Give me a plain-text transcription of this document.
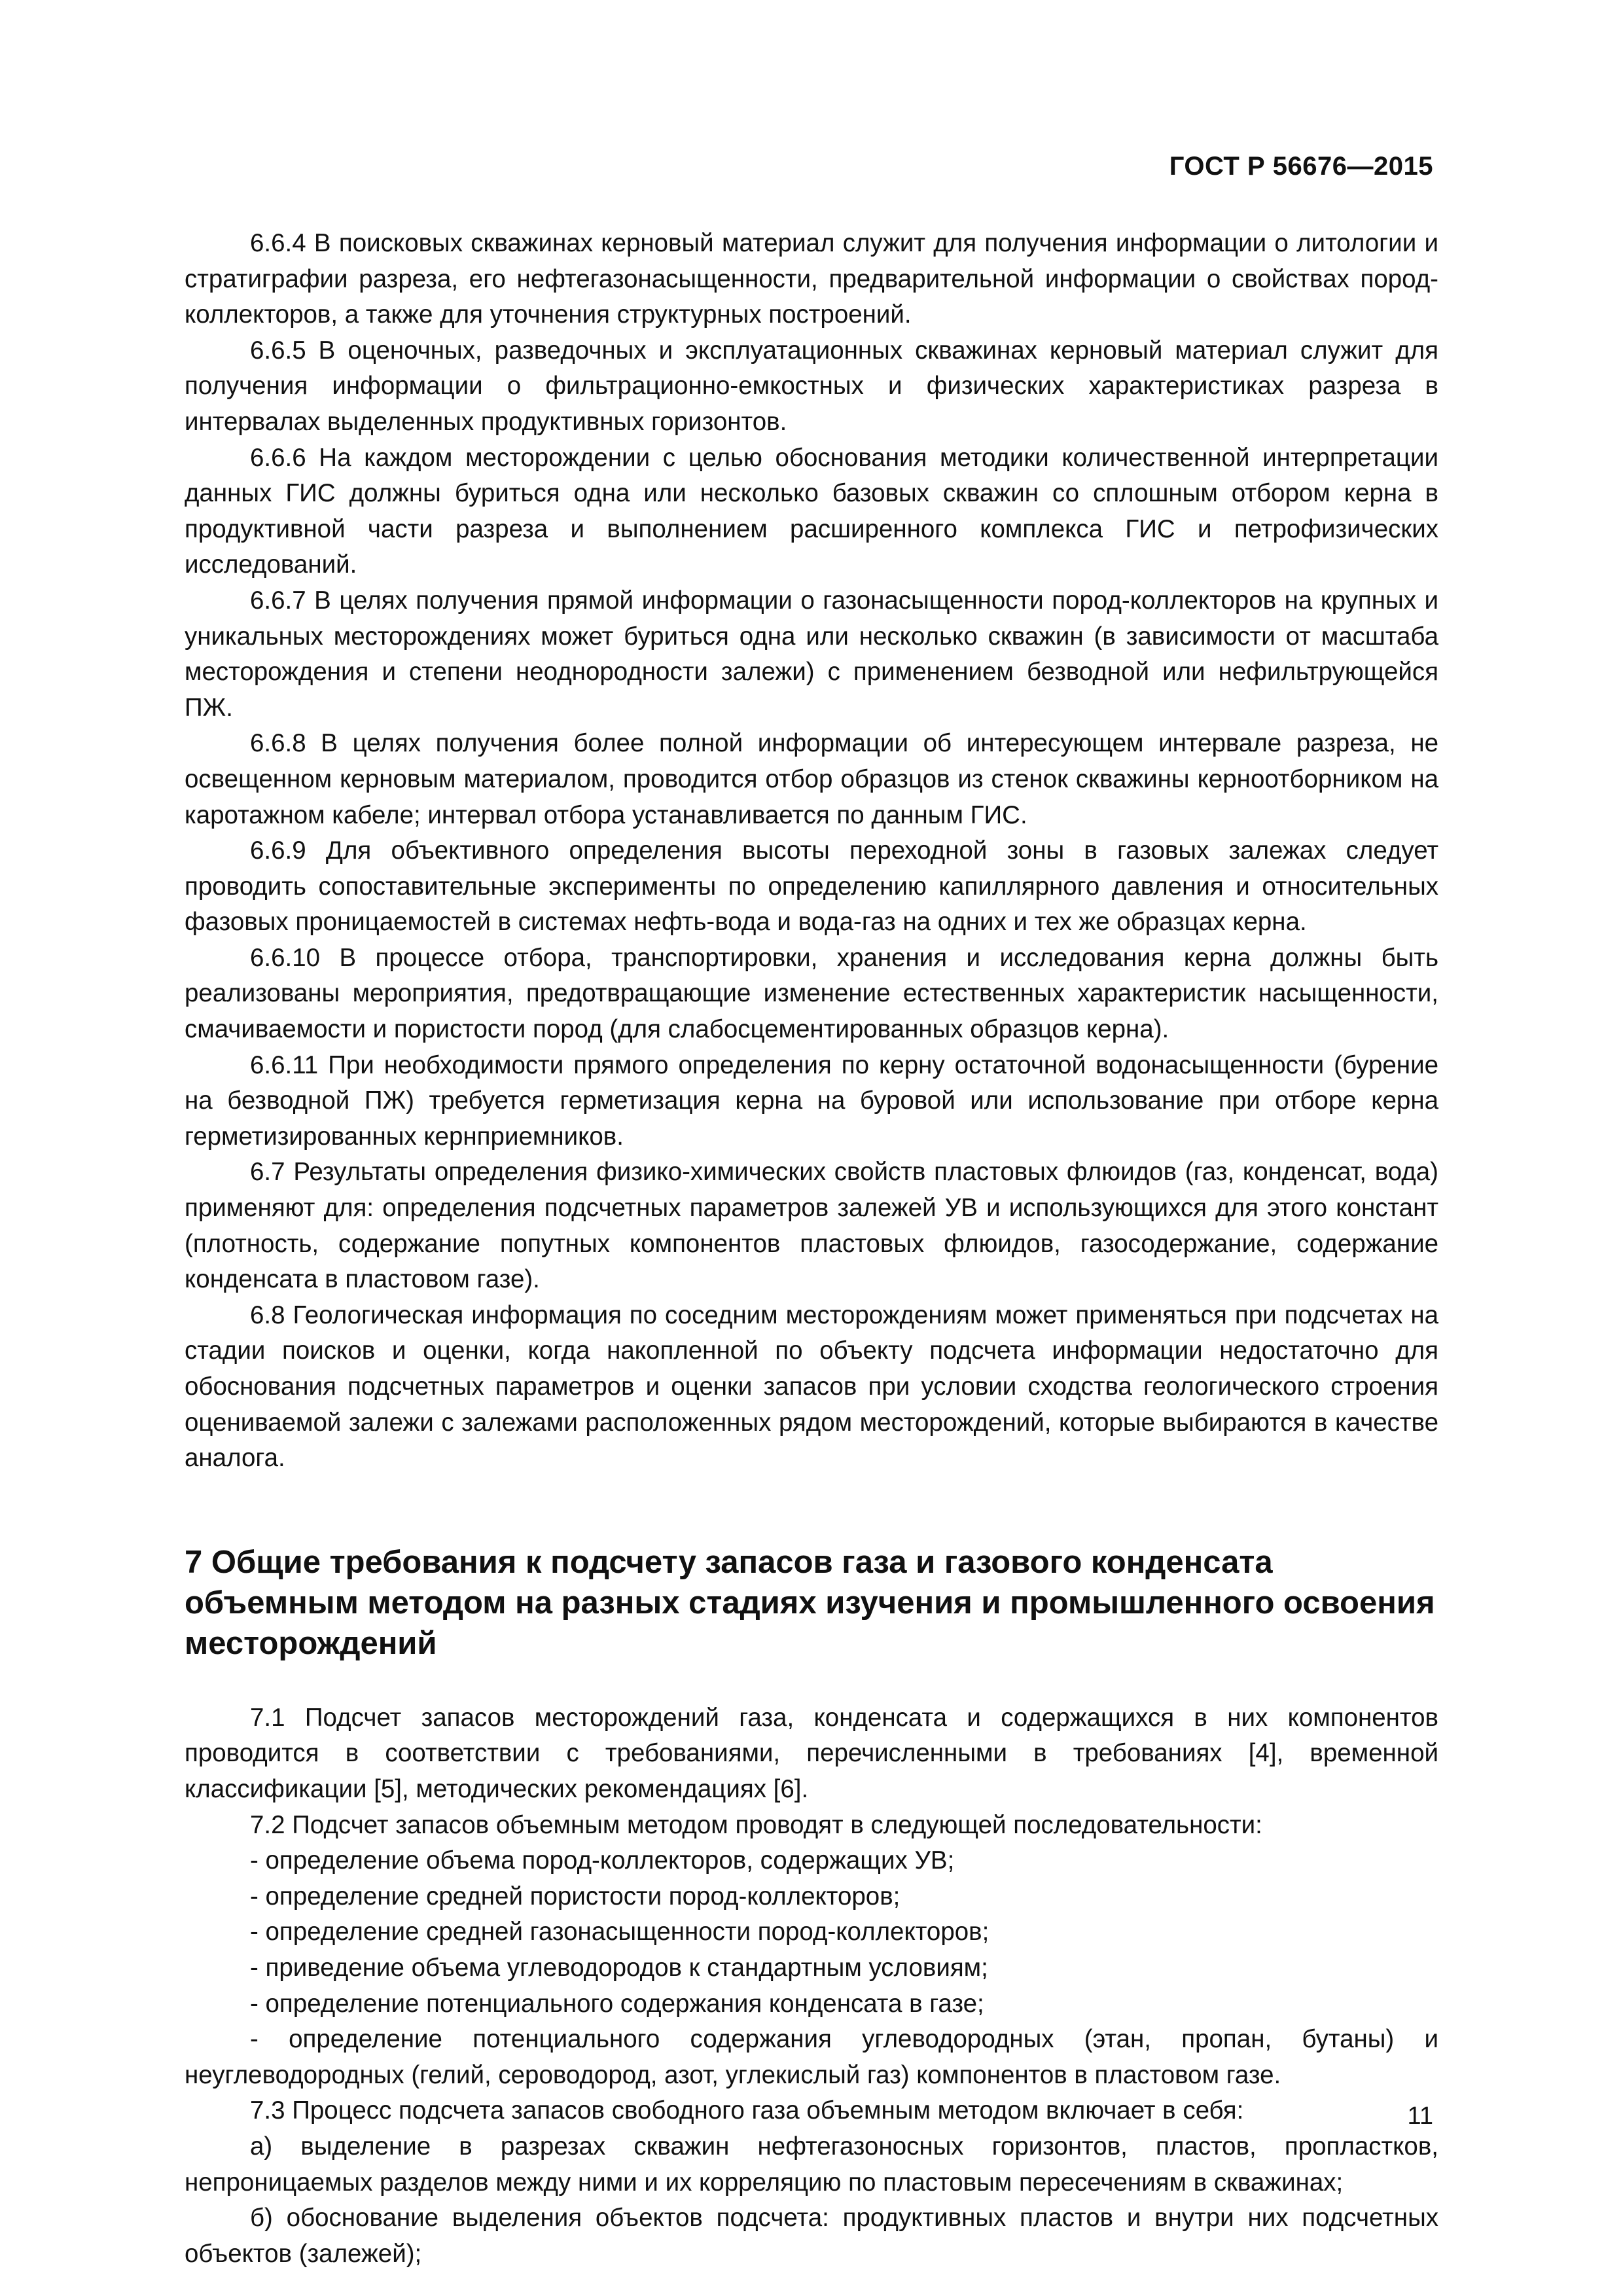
ГОСТ Р 56676—2015

6.6.4 В поисковых скважинах керновый материал служит для получения информации о литологии и стратиграфии разреза, его нефтегазонасыщенности, предварительной информации о свойствах пород-коллекторов, а также для уточнения структурных построений.

6.6.5 В оценочных, разведочных и эксплуатационных скважинах керновый материал служит для получения информации о фильтрационно-емкостных и физических характеристиках разреза в интервалах выделенных продуктивных горизонтов.

6.6.6 На каждом месторождении с целью обоснования методики количественной интерпретации данных ГИС должны буриться одна или несколько базовых скважин со сплошным отбором керна в продуктивной части разреза и выполнением расширенного комплекса ГИС и петрофизических исследований.

6.6.7 В целях получения прямой информации о газонасыщенности пород-коллекторов на крупных и уникальных месторождениях может буриться одна или несколько скважин (в зависимости от масштаба месторождения и степени неоднородности залежи) с применением безводной или нефильтрующейся ПЖ.

6.6.8 В целях получения более полной информации об интересующем интервале разреза, не освещенном керновым материалом, проводится отбор образцов из стенок скважины керноотборником на каротажном кабеле; интервал отбора устанавливается по данным ГИС.

6.6.9 Для объективного определения высоты переходной зоны в газовых залежах следует проводить сопоставительные эксперименты по определению капиллярного давления и относительных фазовых проницаемостей в системах нефть-вода и вода-газ на одних и тех же образцах керна.

6.6.10 В процессе отбора, транспортировки, хранения и исследования керна должны быть реализованы мероприятия, предотвращающие изменение естественных характеристик насыщенности, смачиваемости и пористости пород (для слабосцементированных образцов керна).

6.6.11 При необходимости прямого определения по керну остаточной водонасыщенности (бурение на безводной ПЖ) требуется герметизация керна на буровой или использование при отборе керна герметизированных кернприемников.

6.7 Результаты определения физико-химических свойств пластовых флюидов (газ, конденсат, вода) применяют для: определения подсчетных параметров залежей УВ и использующихся для этого констант (плотность, содержание попутных компонентов пластовых флюидов, газосодержание, содержание конденсата в пластовом газе).

6.8 Геологическая информация по соседним месторождениям может применяться при подсчетах на стадии поисков и оценки, когда накопленной по объекту подсчета информации недостаточно для обоснования подсчетных параметров и оценки запасов при условии сходства геологического строения оцениваемой залежи с залежами расположенных рядом месторождений, которые выбираются в качестве аналога.

7 Общие требования к подсчету запасов газа и газового конденсата объемным методом на разных стадиях изучения и промышленного освоения месторождений

7.1 Подсчет запасов месторождений газа, конденсата и содержащихся в них компонентов проводится в соответствии с требованиями, перечисленными в требованиях [4], временной классификации [5], методических рекомендациях [6].

7.2 Подсчет запасов объемным методом проводят в следующей последовательности:

- определение объема пород-коллекторов, содержащих УВ;

- определение средней пористости пород-коллекторов;

- определение средней газонасыщенности пород-коллекторов;

- приведение объема углеводородов к стандартным условиям;

- определение потенциального содержания конденсата в газе;

- определение потенциального содержания углеводородных (этан, пропан, бутаны) и неуглеводородных (гелий, сероводород, азот, углекислый газ) компонентов в пластовом газе.

7.3 Процесс подсчета запасов свободного газа объемным методом включает в себя:

а) выделение в разрезах скважин нефтегазоносных горизонтов, пластов, пропластков, непроницаемых разделов между ними и их корреляцию по пластовым пересечениям в скважинах;

б) обоснование выделения объектов подсчета: продуктивных пластов и внутри них подсчетных объектов (залежей);

11
